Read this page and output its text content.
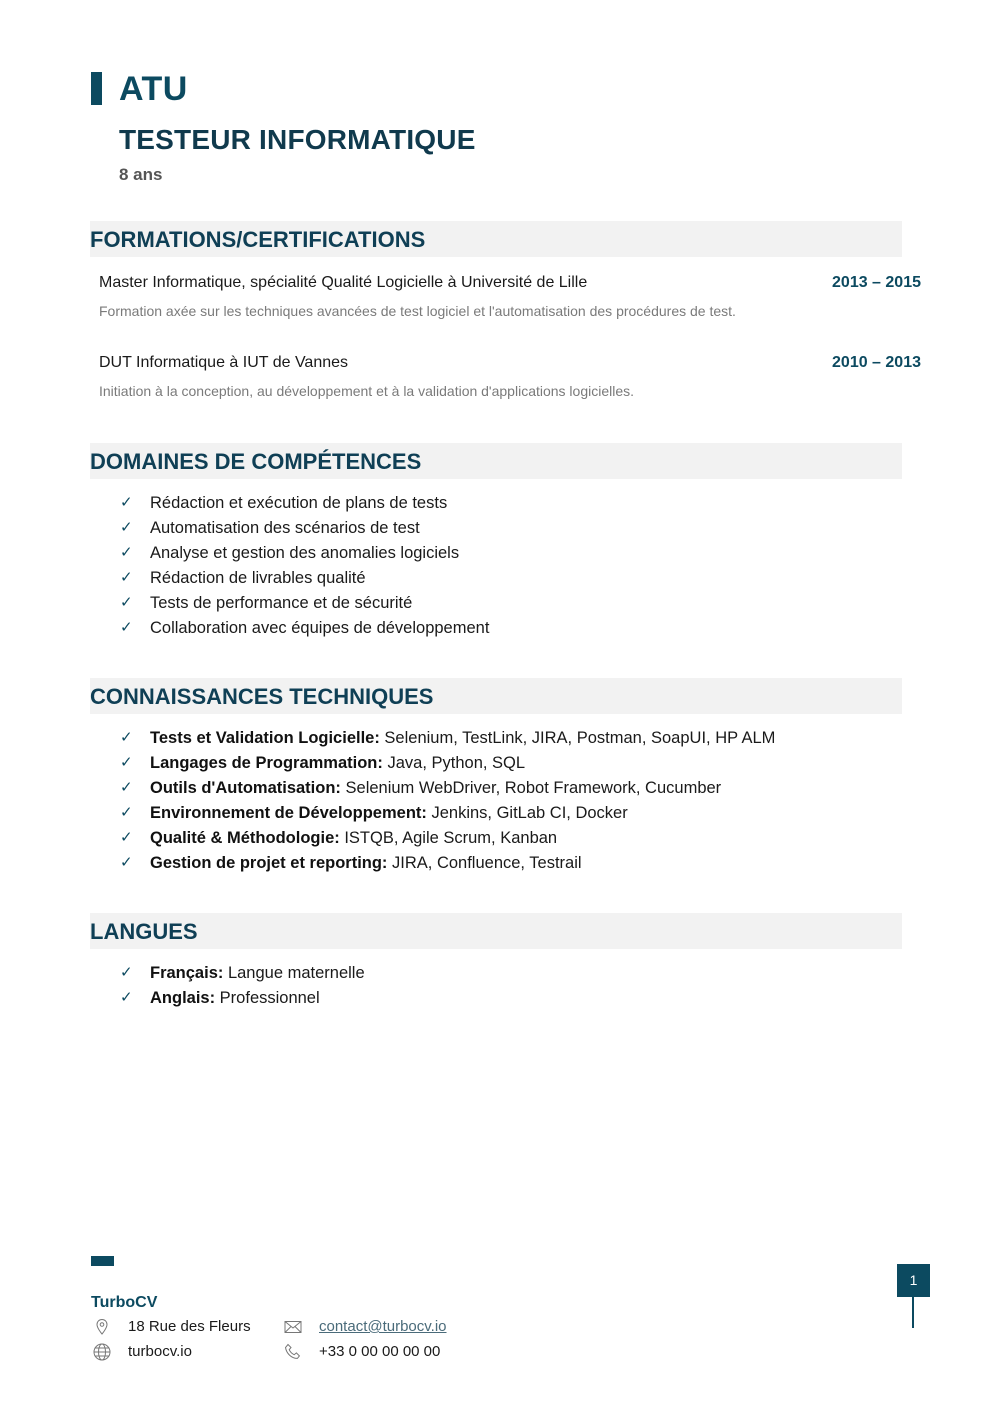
ATU
TESTEUR INFORMATIQUE
8 ans
FORMATIONS/CERTIFICATIONS
Master Informatique, spécialité Qualité Logicielle à Université de Lille	2013 – 2015
Formation axée sur les techniques avancées de test logiciel et l'automatisation des procédures de test.
DUT Informatique à IUT de Vannes	2010 – 2013
Initiation à la conception, au développement et à la validation d'applications logicielles.
DOMAINES DE COMPÉTENCES
✓ Rédaction et exécution de plans de tests
✓ Automatisation des scénarios de test
✓ Analyse et gestion des anomalies logiciels
✓ Rédaction de livrables qualité
✓ Tests de performance et de sécurité
✓ Collaboration avec équipes de développement
CONNAISSANCES TECHNIQUES
✓ Tests et Validation Logicielle: Selenium, TestLink, JIRA, Postman, SoapUI, HP ALM
✓ Langages de Programmation: Java, Python, SQL
✓ Outils d'Automatisation: Selenium WebDriver, Robot Framework, Cucumber
✓ Environnement de Développement: Jenkins, GitLab CI, Docker
✓ Qualité & Méthodologie: ISTQB, Agile Scrum, Kanban
✓ Gestion de projet et reporting: JIRA, Confluence, Testrail
LANGUES
✓ Français: Langue maternelle
✓ Anglais: Professionnel
TurboCV
18 Rue des Fleurs
turbocv.io
contact@turbocv.io
+33 0 00 00 00 00
1
